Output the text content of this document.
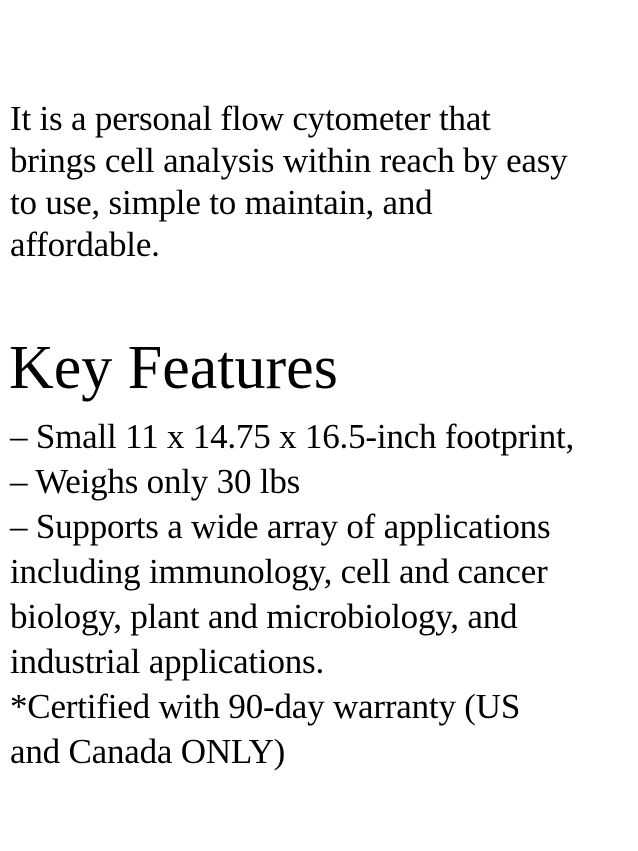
It is a personal flow cytometer that
brings cell analysis within reach by easy
to use, simple to maintain, and
affordable.
Key Features
– Small 11 x 14.75 x 16.5-inch footprint,
– Weighs only 30 lbs
– Supports a wide array of applications
including immunology, cell and cancer
biology, plant and microbiology, and
industrial applications.
*Certified with 90-day warranty (US
and Canada ONLY)
